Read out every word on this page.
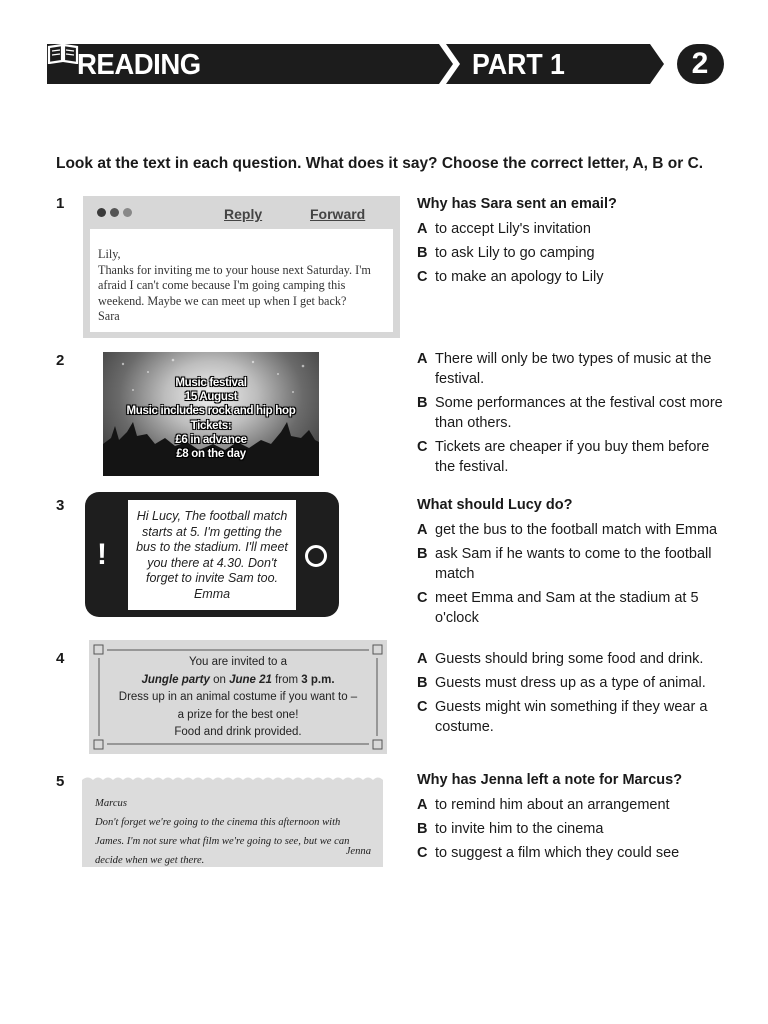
READING	PART 1	2
Look at the text in each question. What does it say? Choose the correct letter, A, B or C.
1
Reply	Forward
Lily,
Thanks for inviting me to your house next Saturday. I'm afraid I can't come because I'm going camping this weekend. Maybe we can meet up when I get back?
Sara
Why has Sara sent an email?
A to accept Lily's invitation
B to ask Lily to go camping
C to make an apology to Lily
2
Music festival
15 August
Music includes rock and hip hop
Tickets:
£6 in advance
£8 on the day
A There will only be two types of music at the festival.
B Some performances at the festival cost more than others.
C Tickets are cheaper if you buy them before the festival.
3
!
Hi Lucy, The football match starts at 5. I'm getting the bus to the stadium. I'll meet you there at 4.30. Don't forget to invite Sam too.
Emma
What should Lucy do?
A get the bus to the football match with Emma
B ask Sam if he wants to come to the football match
C meet Emma and Sam at the stadium at 5 o'clock
4	You are invited to a
Jungle party on June 21 from 3 p.m.
Dress up in an animal costume if you want to –
a prize for the best one!
Food and drink provided.
A Guests should bring some food and drink.
B Guests must dress up as a type of animal.
C Guests might win something if they wear a costume.
5
Marcus
Don't forget we're going to the cinema this afternoon with James. I'm not sure what film we're going to see, but we can decide when we get there.
Jenna
Why has Jenna left a note for Marcus?
A to remind him about an arrangement
B to invite him to the cinema
C to suggest a film which they could see
